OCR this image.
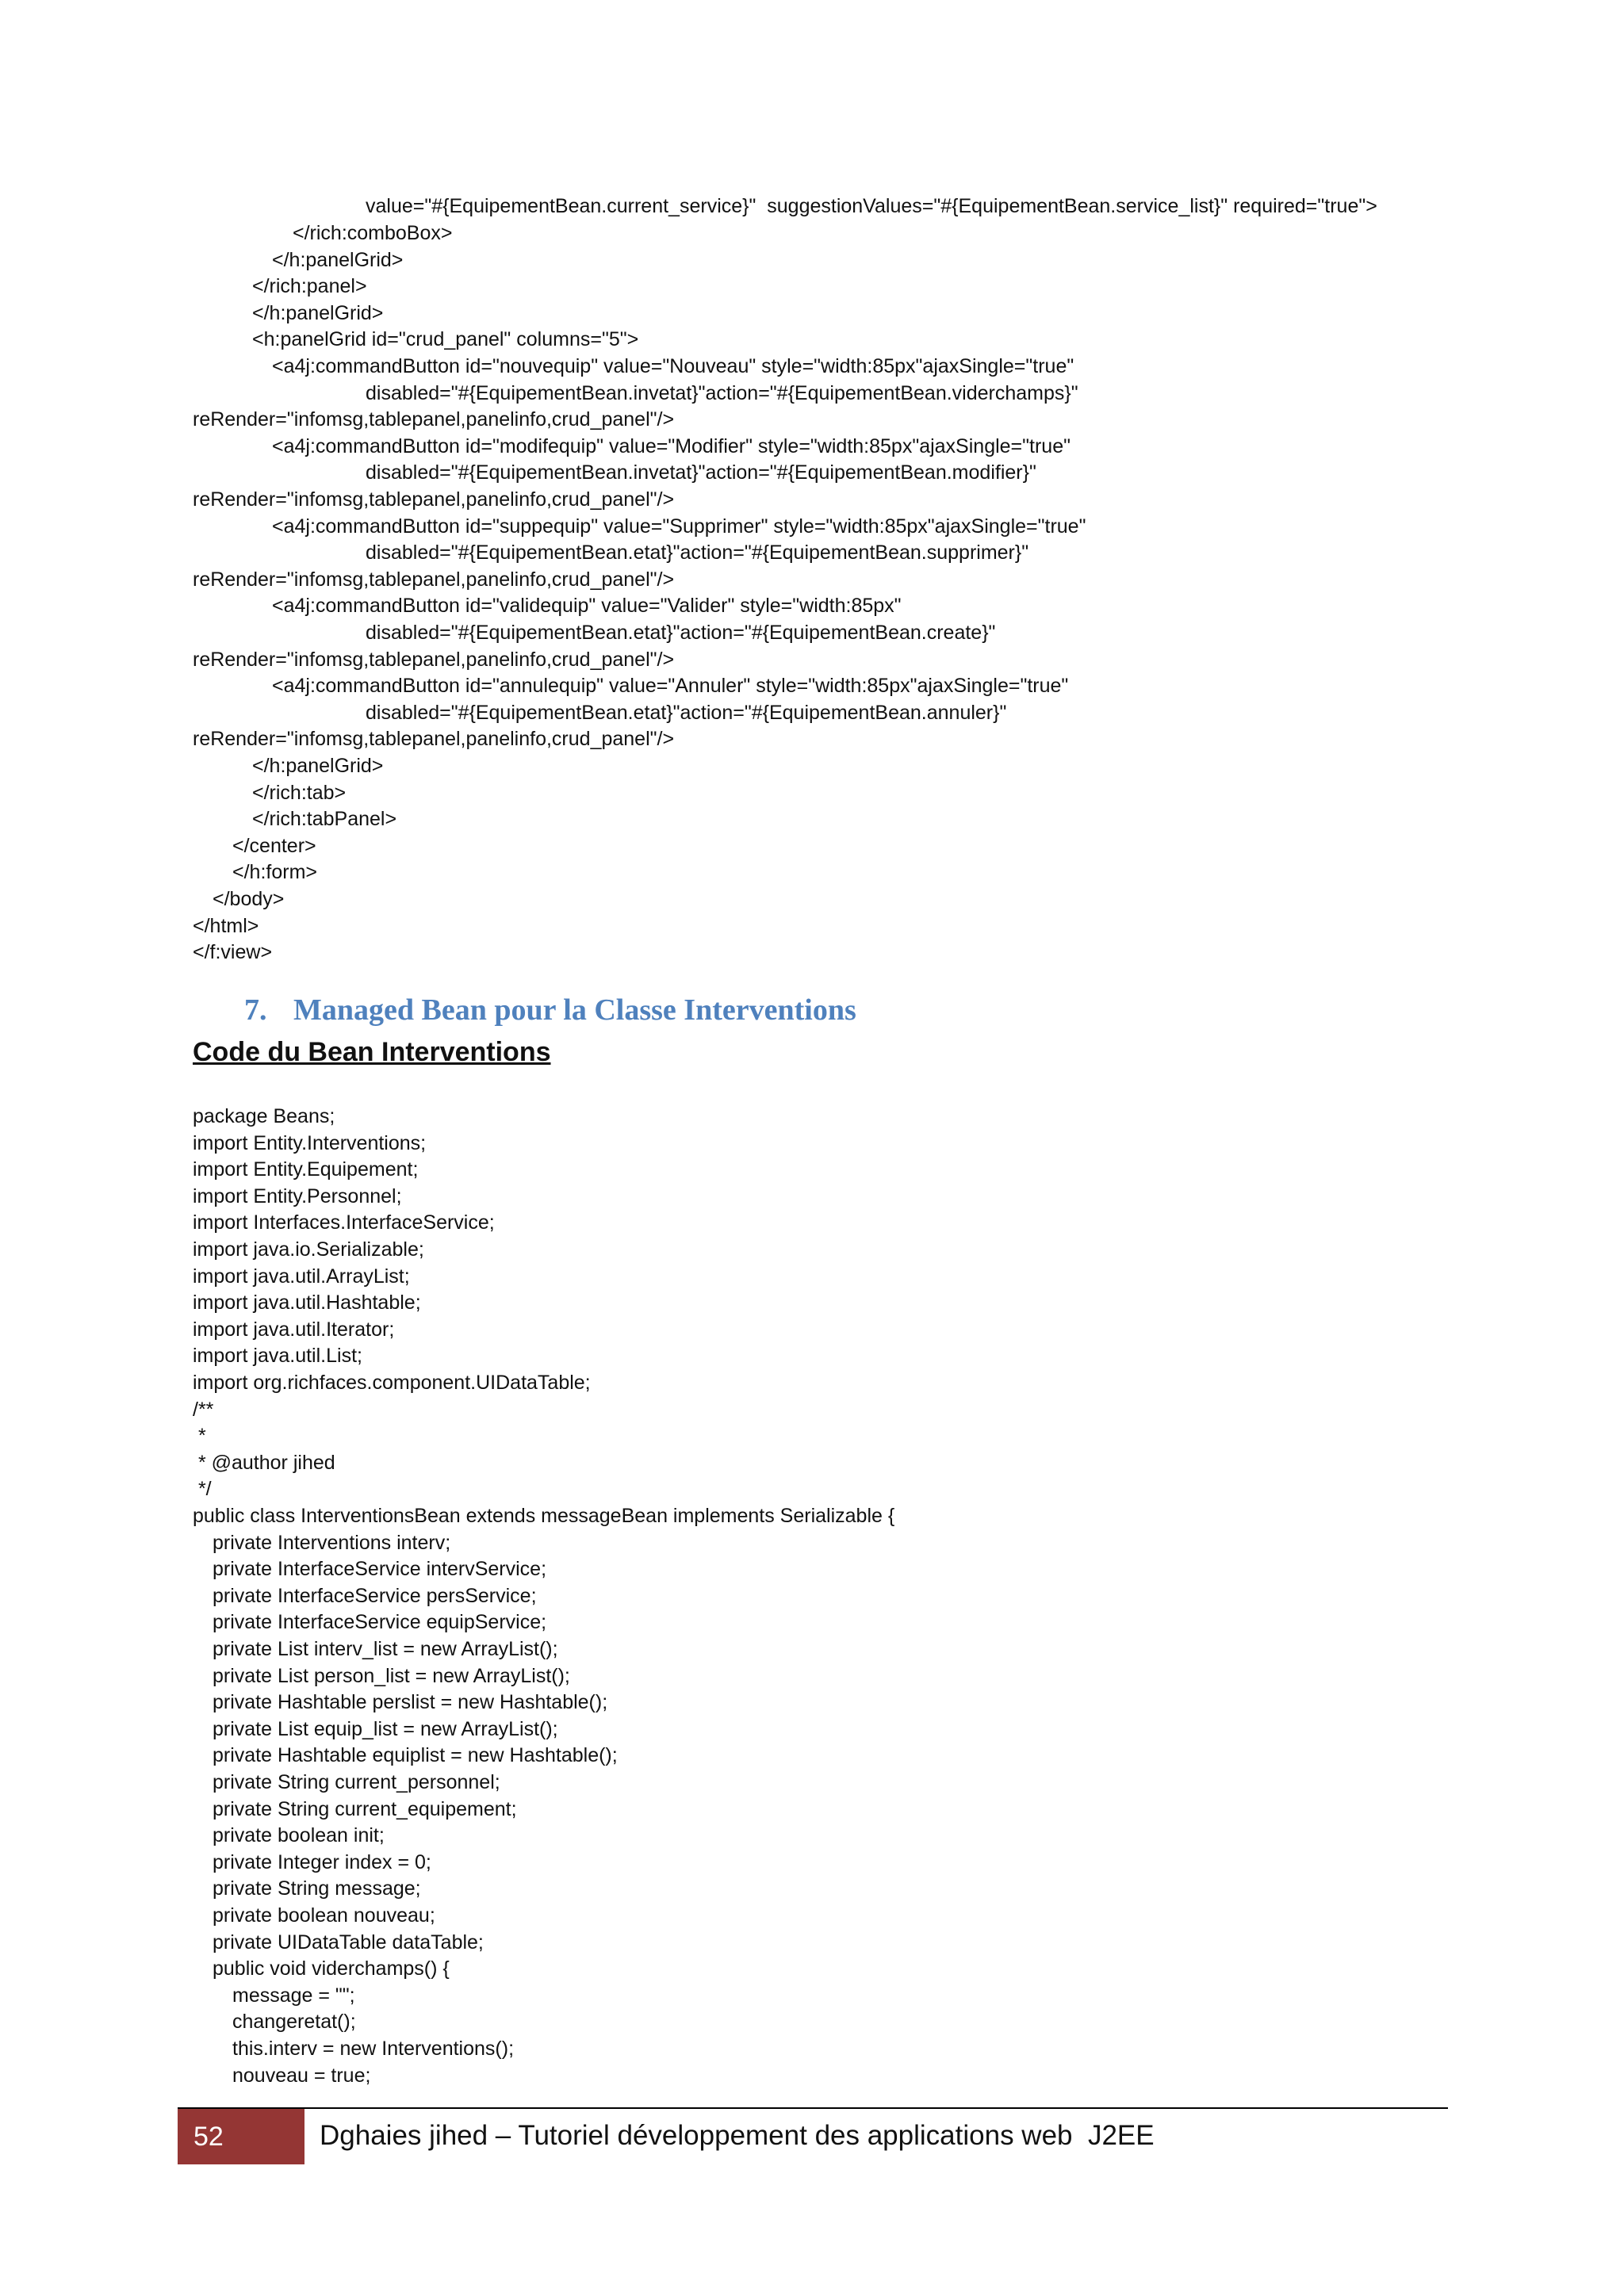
value="#{EquipementBean.current_service}"  suggestionValues="#{EquipementBean.service_list}" required="true">
</rich:comboBox>
</h:panelGrid>
</rich:panel>
</h:panelGrid>
<h:panelGrid id="crud_panel" columns="5">
<a4j:commandButton id="nouvequip" value="Nouveau" style="width:85px"ajaxSingle="true"
disabled="#{EquipementBean.invetat}"action="#{EquipementBean.viderchamps}"
reRender="infomsg,tablepanel,panelinfo,crud_panel"/>
<a4j:commandButton id="modifequip" value="Modifier" style="width:85px"ajaxSingle="true"
disabled="#{EquipementBean.invetat}"action="#{EquipementBean.modifier}"
reRender="infomsg,tablepanel,panelinfo,crud_panel"/>
<a4j:commandButton id="suppequip" value="Supprimer" style="width:85px"ajaxSingle="true"
disabled="#{EquipementBean.etat}"action="#{EquipementBean.supprimer}"
reRender="infomsg,tablepanel,panelinfo,crud_panel"/>
<a4j:commandButton id="validequip" value="Valider" style="width:85px"
disabled="#{EquipementBean.etat}"action="#{EquipementBean.create}"
reRender="infomsg,tablepanel,panelinfo,crud_panel"/>
<a4j:commandButton id="annulequip" value="Annuler" style="width:85px"ajaxSingle="true"
disabled="#{EquipementBean.etat}"action="#{EquipementBean.annuler}"
reRender="infomsg,tablepanel,panelinfo,crud_panel"/>
</h:panelGrid>
</rich:tab>
</rich:tabPanel>
</center>
</h:form>
</body>
</html>
</f:view>
7. Managed Bean pour la Classe Interventions
Code du Bean Interventions
package Beans;
import Entity.Interventions;
import Entity.Equipement;
import Entity.Personnel;
import Interfaces.InterfaceService;
import java.io.Serializable;
import java.util.ArrayList;
import java.util.Hashtable;
import java.util.Iterator;
import java.util.List;
import org.richfaces.component.UIDataTable;
/**
*
* @author jihed
*/
public class InterventionsBean extends messageBean implements Serializable {
private Interventions interv;
private InterfaceService intervService;
private InterfaceService persService;
private InterfaceService equipService;
private List interv_list = new ArrayList();
private List person_list = new ArrayList();
private Hashtable perslist = new Hashtable();
private List equip_list = new ArrayList();
private Hashtable equiplist = new Hashtable();
private String current_personnel;
private String current_equipement;
private boolean init;
private Integer index = 0;
private String message;
private boolean nouveau;
private UIDataTable dataTable;
public void viderchamps() {
message = "";
changeretat();
this.interv = new Interventions();
nouveau = true;
52	Dghaies jihed – Tutoriel développement des applications web  J2EE
